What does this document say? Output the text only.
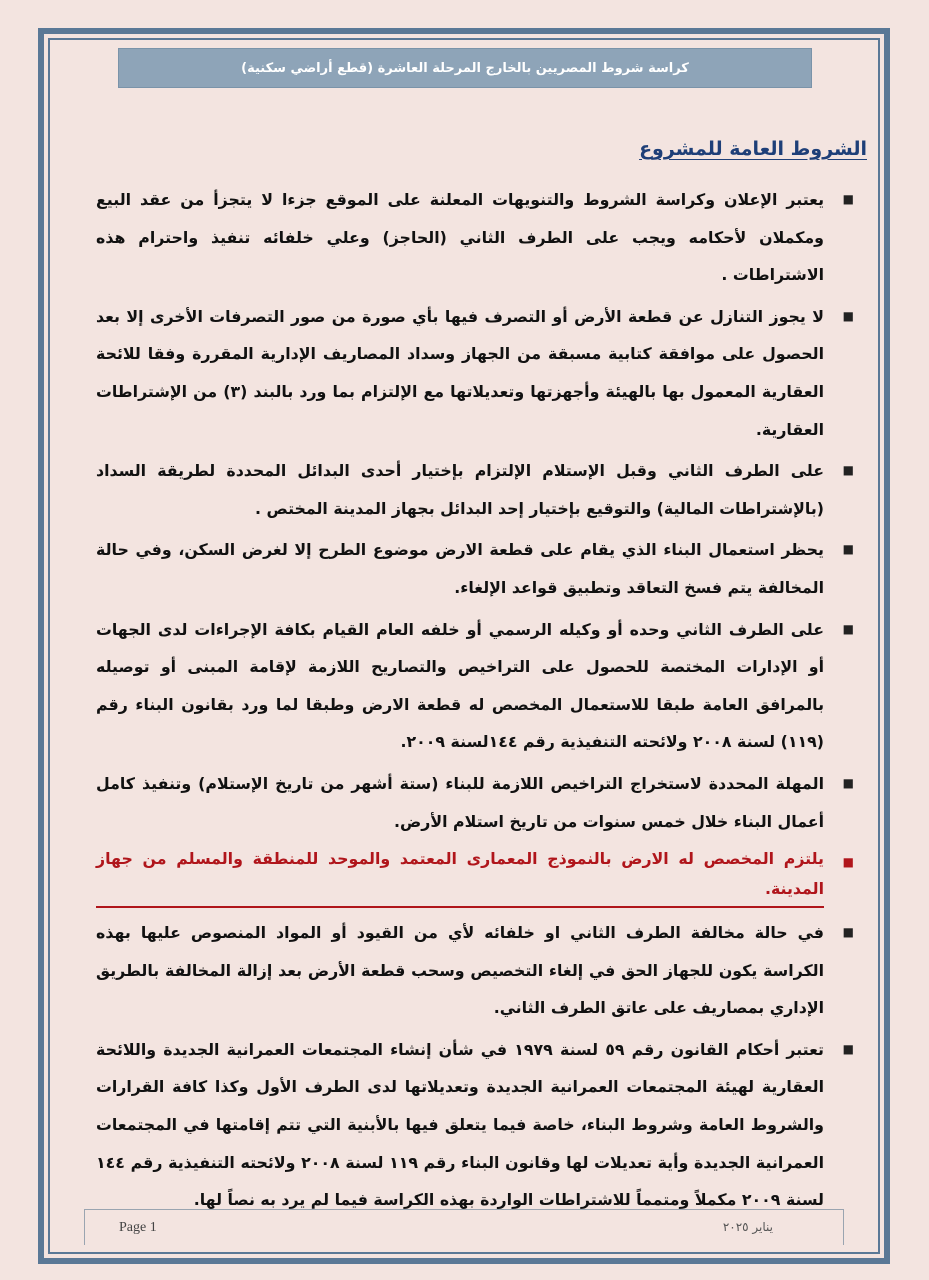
كراسة شروط المصريين بالخارج المرحلة العاشرة (قطع أراضي سكنية)
الشروط العامة للمشروع
■
يعتبر الإعلان وكراسة الشروط والتنويهات المعلنة على الموقع جزءا لا يتجزأ من عقد البيع ومكملان لأحكامه ويجب على الطرف الثاني (الحاجز) وعلي خلفائه تنفيذ واحترام هذه الاشتراطات .
■
لا يجوز التنازل عن قطعة الأرض أو التصرف فيها بأي صورة من صور التصرفات الأخرى إلا بعد الحصول على موافقة كتابية مسبقة من الجهاز وسداد المصاريف الإدارية المقررة وفقا للائحة العقارية المعمول بها بالهيئة وأجهزتها وتعديلاتها مع الإلتزام بما ورد بالبند (٣) من الإشتراطات العقارية.
■
على الطرف الثاني وقبل الإستلام الإلتزام بإختيار أحدى البدائل المحددة لطريقة السداد (بالإشتراطات المالية) والتوقيع بإختيار إحد البدائل بجهاز المدينة المختص .
■
يحظر استعمال البناء الذي يقام على قطعة الارض موضوع الطرح إلا لغرض السكن، وفي حالة المخالفة يتم فسخ التعاقد وتطبيق قواعد الإلغاء.
■
على الطرف الثاني وحده أو وكيله الرسمي أو خلفه العام القيام بكافة الإجراءات لدى الجهات أو الإدارات المختصة للحصول على التراخيص والتصاريح اللازمة لإقامة المبنى أو توصيله بالمرافق العامة طبقا للاستعمال المخصص له قطعة الارض وطبقا لما ورد بقانون البناء رقم (١١٩) لسنة ٢٠٠٨ ولائحته التنفيذية رقم ١٤٤لسنة ٢٠٠٩.
■
المهلة المحددة لاستخراج التراخيص اللازمة للبناء (ستة أشهر من تاريخ الإستلام) وتنفيذ كامل أعمال البناء خلال خمس سنوات من تاريخ استلام الأرض.
■
يلتزم المخصص له الارض بالنموذج المعمارى المعتمد والموحد للمنطقة والمسلم من جهاز المدينة.
■
في حالة مخالفة الطرف الثاني او خلفائه لأي من القيود أو المواد المنصوص عليها بهذه الكراسة يكون للجهاز الحق في إلغاء التخصيص وسحب قطعة الأرض بعد إزالة المخالفة بالطريق الإداري بمصاريف على عاتق الطرف الثاني.
■
تعتبر أحكام القانون رقم ٥٩ لسنة ١٩٧٩ في شأن إنشاء المجتمعات العمرانية الجديدة واللائحة العقارية لهيئة المجتمعات العمرانية الجديدة وتعديلاتها لدى الطرف الأول وكذا كافة القرارات والشروط العامة وشروط البناء، خاصة فيما يتعلق فيها بالأبنية التي تتم إقامتها في المجتمعات العمرانية الجديدة وأية تعديلات لها وقانون البناء رقم ١١٩ لسنة ٢٠٠٨ ولائحته التنفيذية رقم ١٤٤ لسنة ٢٠٠٩ مكملاً ومتمماً للاشتراطات الواردة بهذه الكراسة فيما لم يرد به نصاً لها.
Page 1	يناير ٢٠٢٥
